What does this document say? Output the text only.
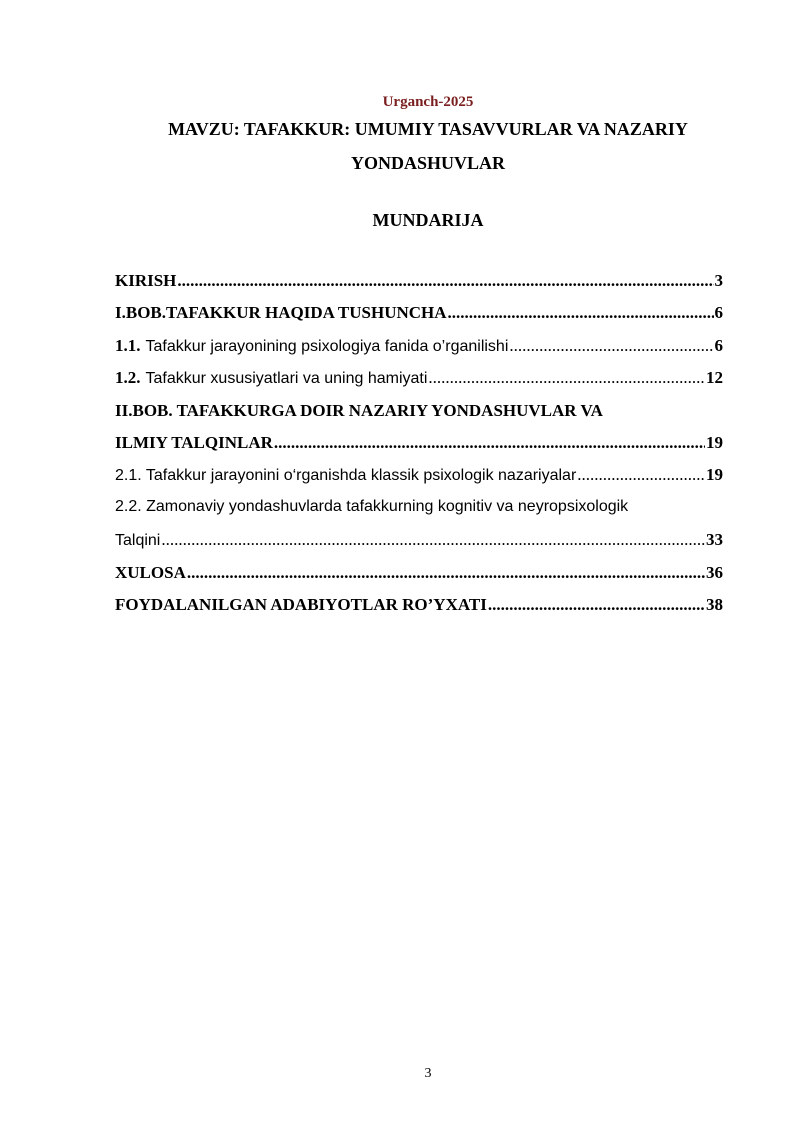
Urganch-2025
MAVZU: TAFAKKUR: UMUMIY TASAVVURLAR VA NAZARIY
YONDASHUVLAR
MUNDARIJA
KIRISH .....	3
I.BOB.TAFAKKUR HAQIDA TUSHUNCHA .....	6
1.1. Tafakkur jarayonining psixologiya fanida o’rganilishi .....	6
1.2. Tafakkur xususiyatlari va uning hamiyati .....	12
II.BOB. TAFAKKURGA DOIR NAZARIY YONDASHUVLAR VA
ILMIY TALQINLAR .....	19
2.1. Tafakkur jarayonini o‘rganishda klassik psixologik nazariyalar .....	19
2.2. Zamonaviy yondashuvlarda tafakkurning kognitiv va neyropsixologik
Talqini .....	33
XULOSA .....	36
FOYDALANILGAN ADABIYOTLAR RO’YXATI .....	38
3
